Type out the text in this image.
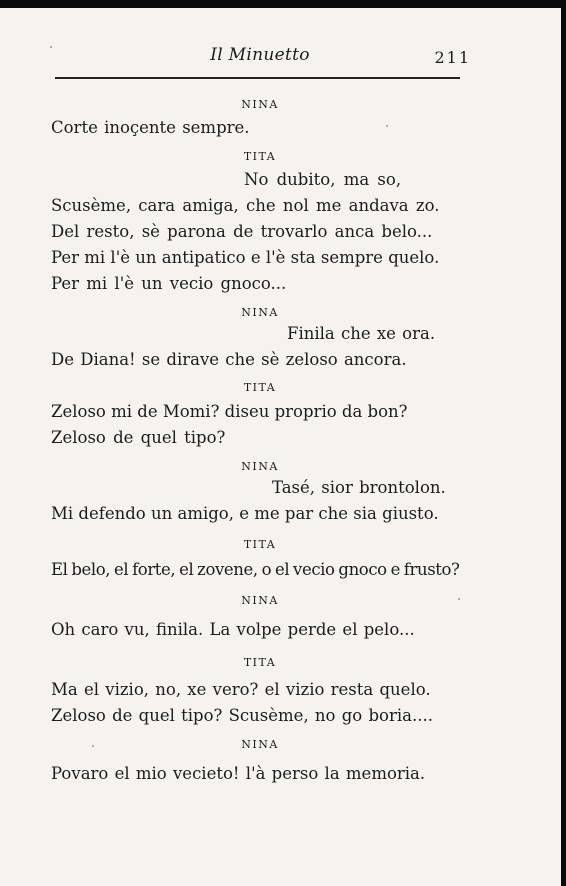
Il Minuetto	211
NINA
Corte inoçente sempre.
TITA
No dubito, ma so,
Scusème, cara amiga, che nol me andava zo.
Del resto, sè parona de trovarlo anca belo...
Per mi l'è un antipatico e l'è sta sempre quelo.
Per mi l'è un vecio gnoco...
NINA
Finila che xe ora.
De Diana! se dirave che sè zeloso ancora.
TITA
Zeloso mi de Momi? diseu proprio da bon?
Zeloso de quel tipo?
NINA
Tasé, sior brontolon.
Mi defendo un amigo, e me par che sia giusto.
TITA
El belo, el forte, el zovene, o el vecio gnoco e frusto?
NINA
Oh caro vu, finila. La volpe perde el pelo...
TITA
Ma el vizio, no, xe vero? el vizio resta quelo.
Zeloso de quel tipo? Scusème, no go boria....
NINA
Povaro el mio vecieto! l'à perso la memoria.
